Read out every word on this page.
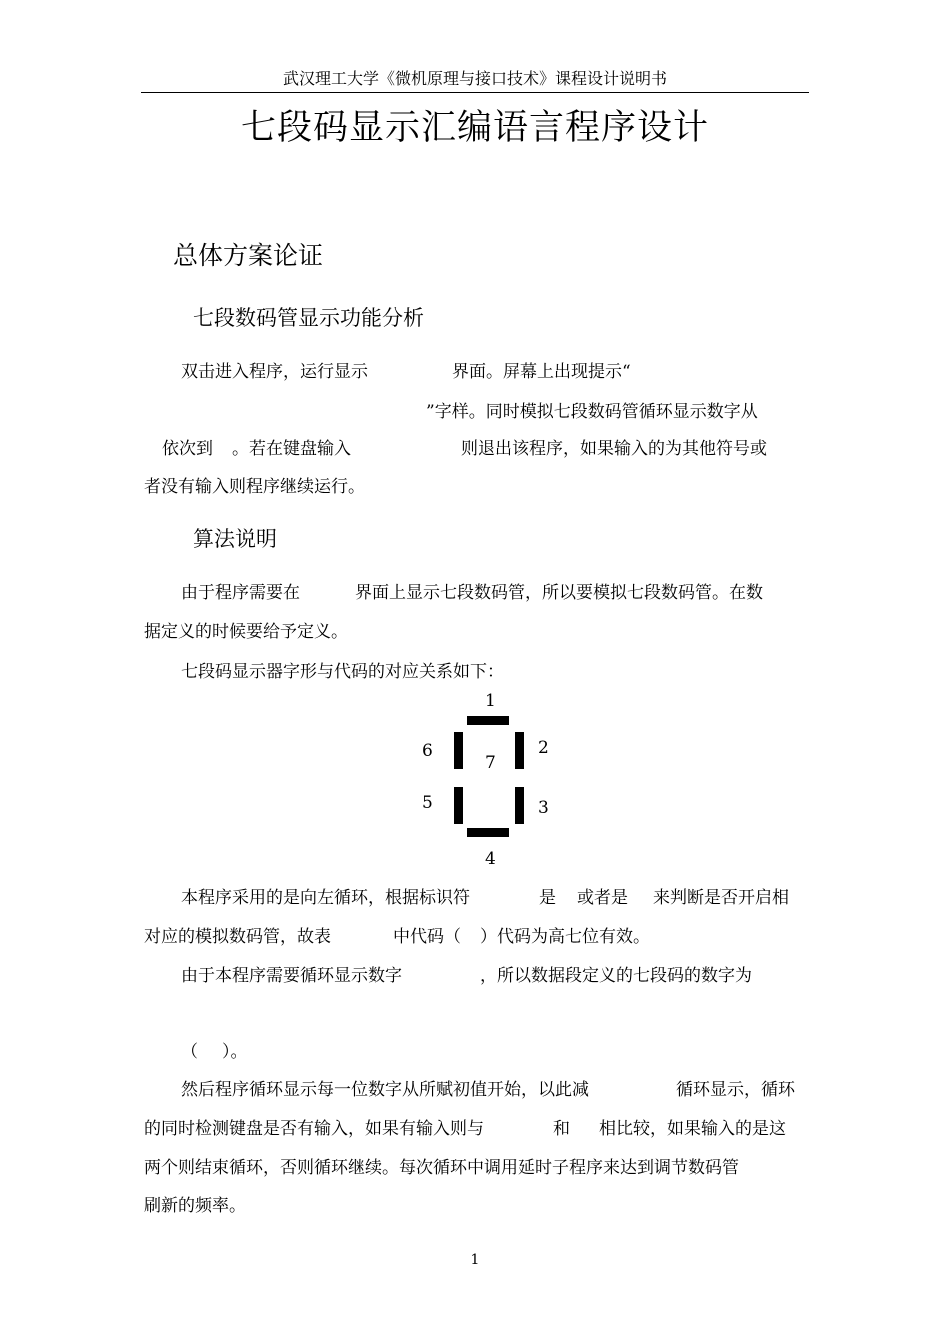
武汉理工大学《微机原理与接口技术》课程设计说明书
七段码显示汇编语言程序设计
总体方案论证
七段数码管显示功能分析
双击进入程序，运行显示	界面。屏幕上出现提示“
”字样。同时模拟七段数码管循环显示数字从
依次到 。若在键盘输入	则退出该程序，如果输入的为其他符号或
者没有输入则程序继续运行。
算法说明
由于程序需要在	界面上显示七段数码管，所以要模拟七段数码管。在数
据定义的时候要给予定义。
七段码显示器字形与代码的对应关系如下：
1
2
3
4
5
6
7
本程序采用的是向左循环，根据标识符	是 或者是 来判断是否开启相
对应的模拟数码管，故表	中代码（ ）代码为高七位有效。
由于本程序需要循环显示数字	，所以数据段定义的七段码的数字为
（ ）。
然后程序循环显示每一位数字从所赋初值开始，以此减	循环显示，循环
的同时检测键盘是否有输入，如果有输入则与	和 相比较，如果输入的是这
两个则结束循环，否则循环继续。每次循环中调用延时子程序来达到调节数码管
刷新的频率。
1
